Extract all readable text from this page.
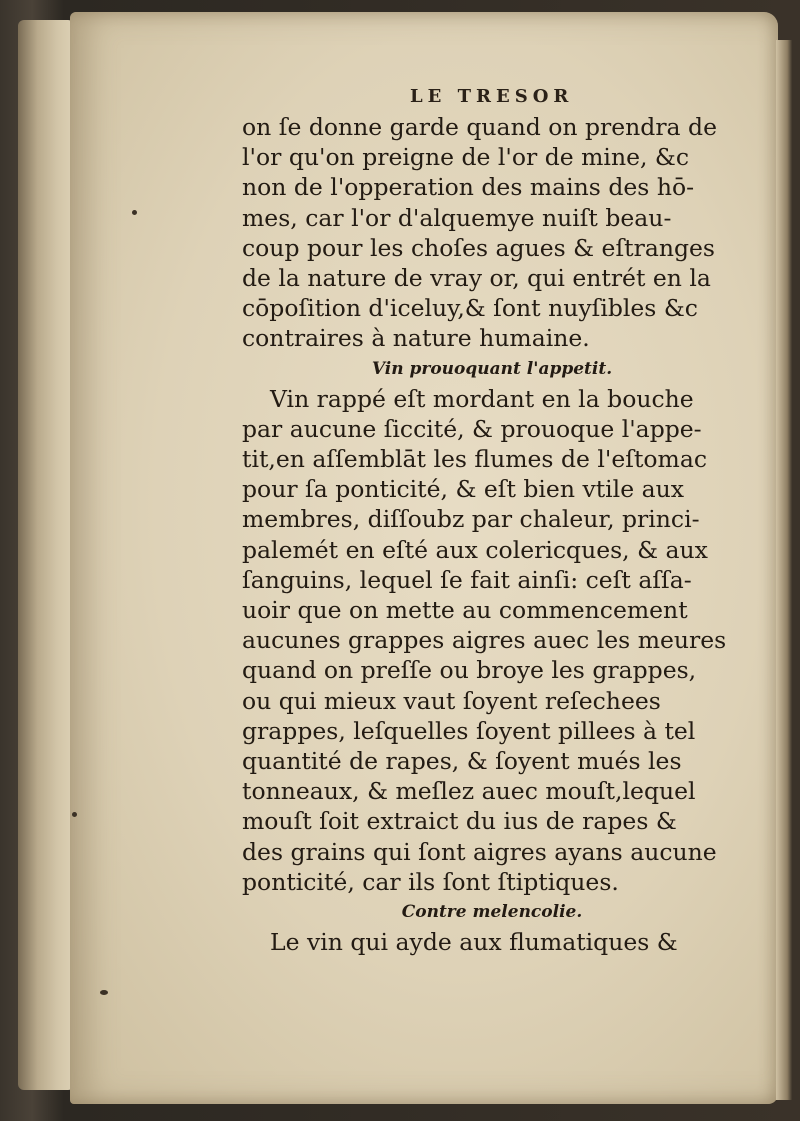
LE TRESOR
on ſe donne garde quand on prendra de
l'or qu'on preigne de l'or de mine, &c
non de l'opperation des mains des hō-
mes, car l'or d'alquemye nuiſt beau-
coup pour les choſes agues & eſtranges
de la nature de vray or, qui entrét en la
cōpoſition d'iceluy,& ſont nuyſibles &c
contraires à nature humaine.
Vin prouoquant l'appetit.
Vin rappé eſt mordant en la bouche
par aucune ſiccité, & prouoque l'appe-
tit,en aſſemblāt les flumes de l'eſtomac
pour ſa ponticité, & eſt bien vtile aux
membres, diſſoubz par chaleur, princi-
palemét en eſté aux colericques, & aux
ſanguins, lequel ſe fait ainſi: ceſt aſſa-
uoir que on mette au commencement
aucunes grappes aigres auec les meures
quand on preſſe ou broye les grappes,
ou qui mieux vaut ſoyent reſechees
grappes, leſquelles ſoyent pillees à tel
quantité de rapes, & ſoyent mués les
tonneaux, & meſlez auec mouſt,lequel
mouſt ſoit extraict du ius de rapes &
des grains qui ſont aigres ayans aucune
ponticité, car ils ſont ſtiptiques.
Contre melencolie.
Le vin qui ayde aux flumatiques &
